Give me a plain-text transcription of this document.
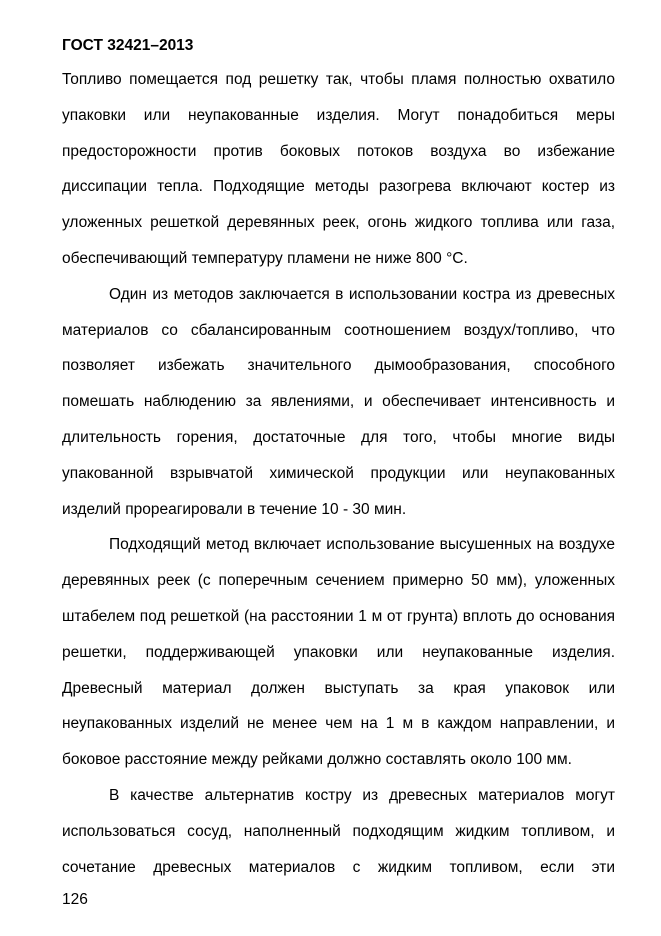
ГОСТ 32421–2013

Топливо помещается под решетку так, чтобы пламя полностью охватило упаковки или неупакованные изделия. Могут понадобиться меры предосторожности против боковых потоков воздуха во избежание диссипации тепла. Подходящие методы разогрева включают костер из уложенных решеткой деревянных реек, огонь жидкого топлива или газа, обеспечивающий температуру пламени не ниже 800 °С.

Один из методов заключается в использовании костра из древесных материалов со сбалансированным соотношением воздух/топливо, что позволяет избежать значительного дымообразования, способного помешать наблюдению за явлениями, и обеспечивает интенсивность и длительность горения, достаточные для того, чтобы многие виды упакованной взрывчатой химической продукции или неупакованных изделий прореагировали в течение 10 - 30 мин.

Подходящий метод включает использование высушенных на воздухе деревянных реек (с поперечным сечением примерно 50 мм), уложенных штабелем под решеткой (на расстоянии 1 м от грунта) вплоть до основания решетки, поддерживающей упаковки или неупакованные изделия. Древесный материал должен выступать за края упаковок или неупакованных изделий не менее чем на 1 м в каждом направлении, и боковое расстояние между рейками должно составлять около 100 мм.

В качестве альтернатив костру из древесных материалов могут использоваться сосуд, наполненный подходящим жидким топливом, и сочетание древесных материалов с жидким топливом, если эти

126
